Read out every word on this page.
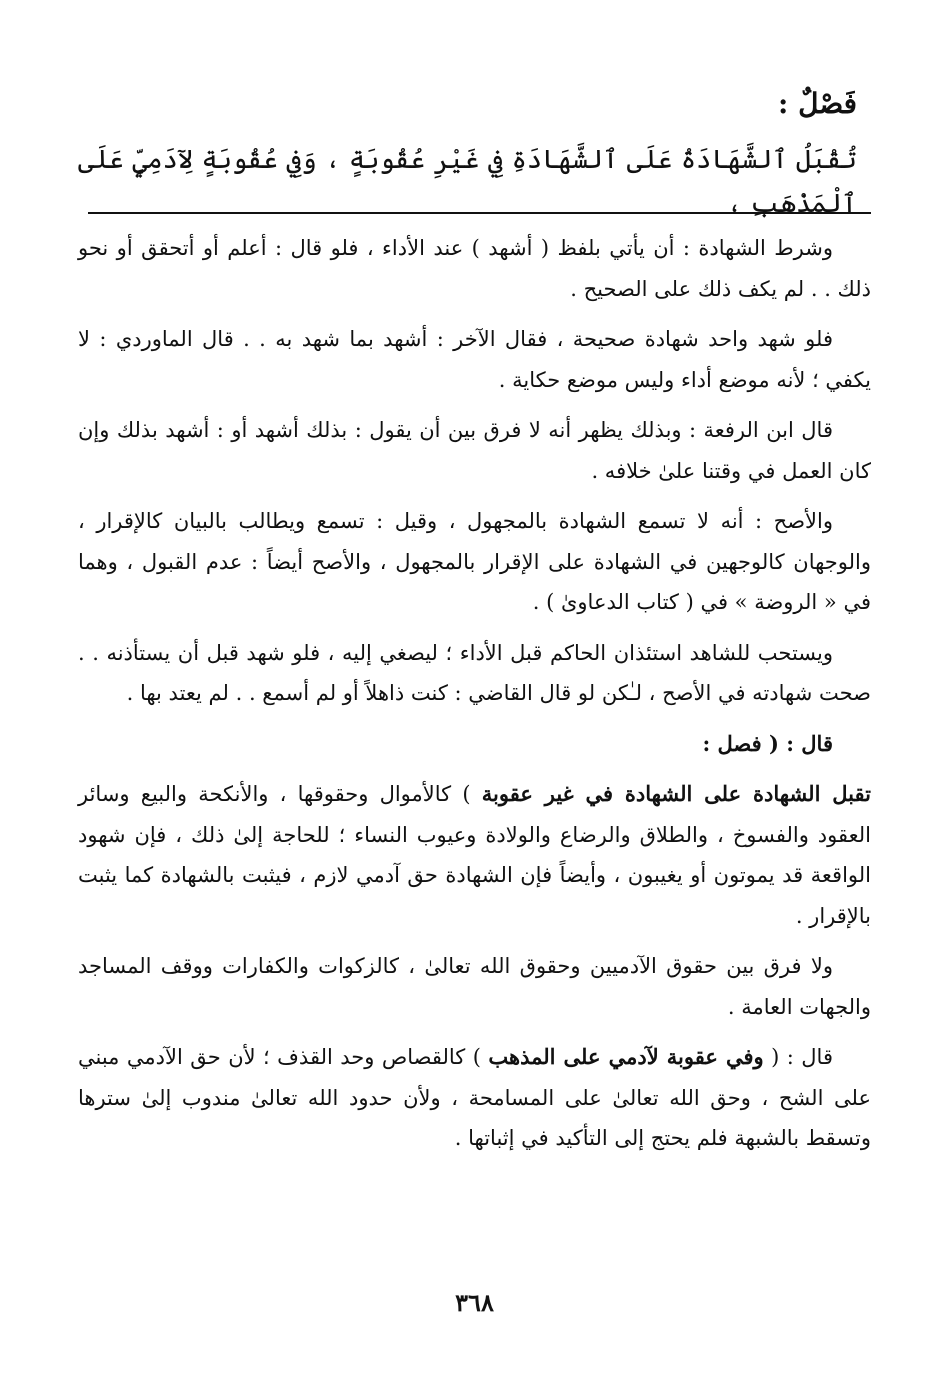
فَصْلٌ :
تُقْبَلُ ٱلشَّهَادَةُ عَلَى ٱلشَّهَادَةِ فِي غَيْرِ عُقُوبَةٍ ، وَفِي عُقُوبَةٍ لِآدَمِيٍّ عَلَى ٱلْمَذْهَبِ ،

وشرط الشهادة : أن يأتي بلفظ ( أشهد ) عند الأداء ، فلو قال : أعلم أو أتحقق أو نحو ذلك . . لم يكف ذلك على الصحيح .

فلو شهد واحد شهادة صحيحة ، فقال الآخر : أشهد بما شهد به . . قال الماوردي : لا يكفي ؛ لأنه موضع أداء وليس موضع حكاية .

قال ابن الرفعة : وبذلك يظهر أنه لا فرق بين أن يقول : بذلك أشهد أو : أشهد بذلك وإن كان العمل في وقتنا علىٰ خلافه .

والأصح : أنه لا تسمع الشهادة بالمجهول ، وقيل : تسمع ويطالب بالبيان كالإقرار ، والوجهان كالوجهين في الشهادة على الإقرار بالمجهول ، والأصح أيضاً : عدم القبول ، وهما في « الروضة » في ( كتاب الدعاوىٰ ) .

ويستحب للشاهد استئذان الحاكم قبل الأداء ؛ ليصغي إليه ، فلو شهد قبل أن يستأذنه . . صحت شهادته في الأصح ، لـٰكن لو قال القاضي : كنت ذاهلاً أو لم أسمع . . لم يعتد بها .

قال : ( فصل :

تقبل الشهادة على الشهادة في غير عقوبة ) كالأموال وحقوقها ، والأنكحة والبيع وسائر العقود والفسوخ ، والطلاق والرضاع والولادة وعيوب النساء ؛ للحاجة إلىٰ ذلك ، فإن شهود الواقعة قد يموتون أو يغيبون ، وأيضاً فإن الشهادة حق آدمي لازم ، فيثبت بالشهادة كما يثبت بالإقرار .

ولا فرق بين حقوق الآدميين وحقوق الله تعالىٰ ، كالزكوات والكفارات ووقف المساجد والجهات العامة .

قال : ( وفي عقوبة لآدمي على المذهب ) كالقصاص وحد القذف ؛ لأن حق الآدمي مبني على الشح ، وحق الله تعالىٰ على المسامحة ، ولأن حدود الله تعالىٰ مندوب إلىٰ سترها وتسقط بالشبهة فلم يحتج إلى التأكيد في إثباتها .

٣٦٨
